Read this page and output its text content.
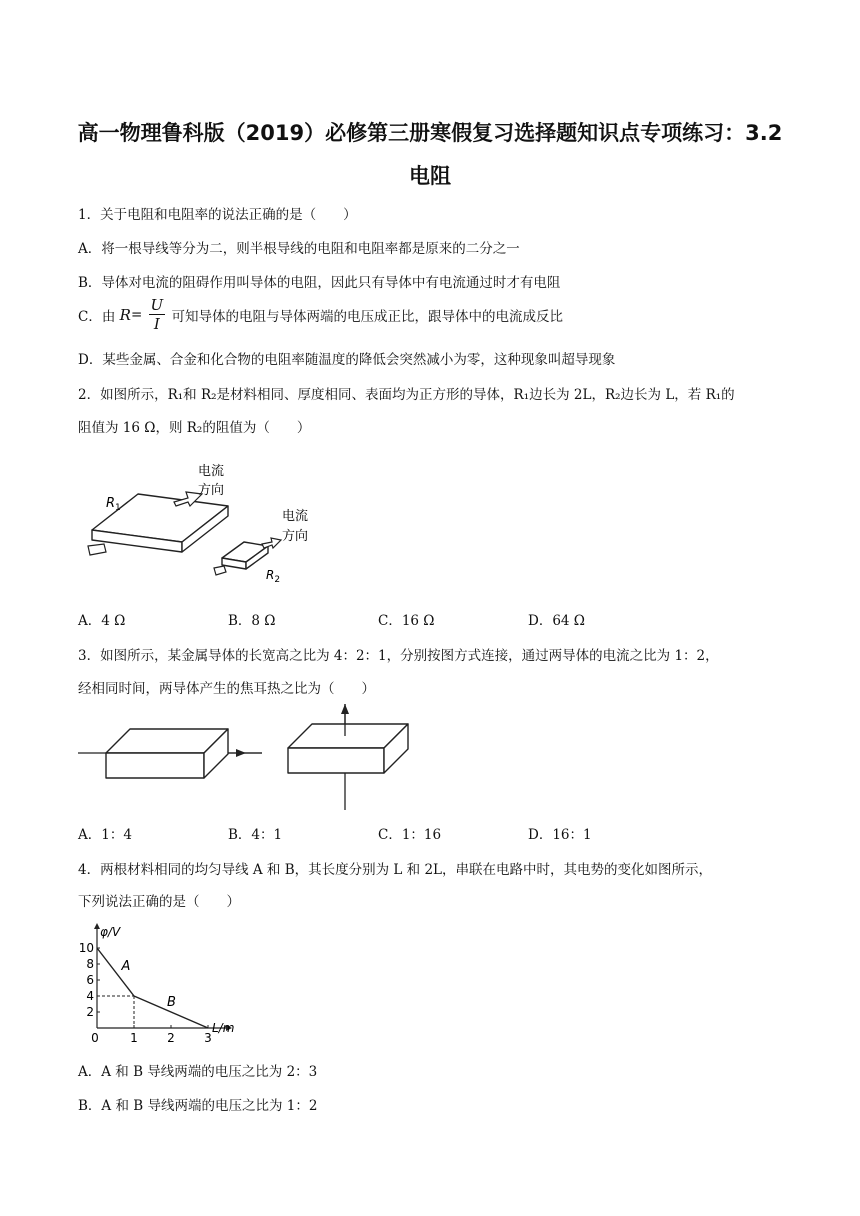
高一物理鲁科版（2019）必修第三册寒假复习选择题知识点专项练习：3.2
电阻
1．关于电阻和电阻率的说法正确的是（　　）
A．将一根导线等分为二，则半根导线的电阻和电阻率都是原来的二分之一
B．导体对电流的阻碍作用叫导体的电阻，因此只有导体中有电流通过时才有电阻
C．由 $R= \frac{U}{I}$ 可知导体的电阻与导体两端的电压成正比，跟导体中的电流成反比
D．某些金属、合金和化合物的电阻率随温度的降低会突然减小为零，这种现象叫超导现象
2．如图所示，R₁和 R₂是材料相同、厚度相同、表面均为正方形的导体，R₁边长为 2L，R₂边长为 L，若 R₁的
阻值为 16 Ω，则 R₂的阻值为（　　）
$R_1$
电流
方向
$R_2$
电流
方向
A．4 Ω	B．8 Ω	C．16 Ω	D．64 Ω
3．如图所示，某金属导体的长宽高之比为 4：2：1，分别按图方式连接，通过两导体的电流之比为 1：2，
经相同时间，两导体产生的焦耳热之比为（　　）
A．1：4	B．4：1	C．1：16	D．16：1
4．两根材料相同的均匀导线 A 和 B，其长度分别为 L 和 2L，串联在电路中时，其电势的变化如图所示，
下列说法正确的是（　　）
φ/V
L/m
2
4
6
8
10
0	1 2 3
A
B
A．A 和 B 导线两端的电压之比为 2：3
B．A 和 B 导线两端的电压之比为 1：2
